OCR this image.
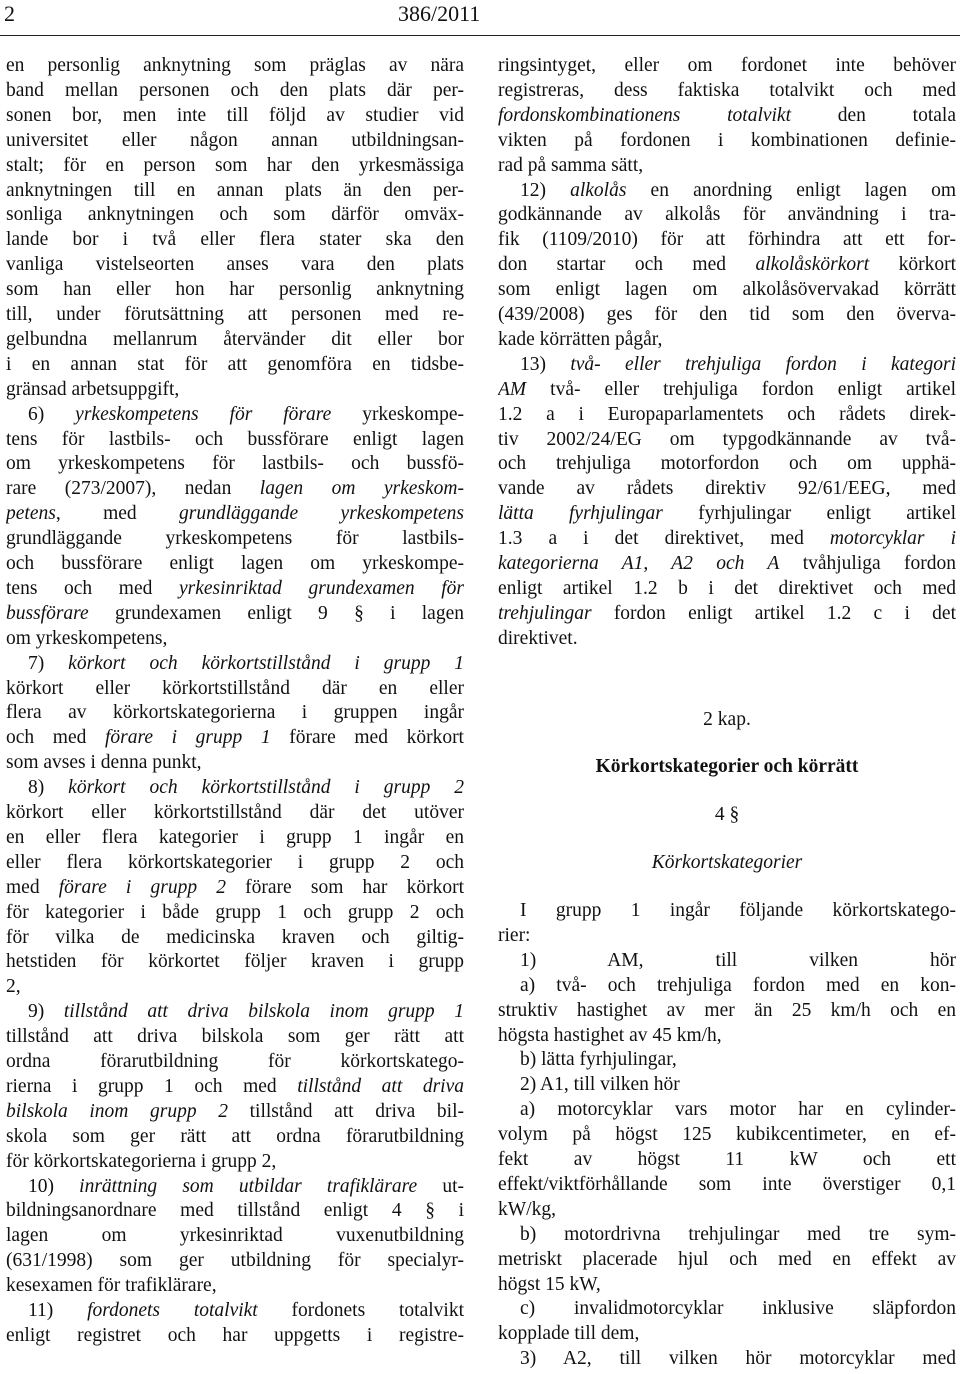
2	386/2011
en personlig anknytning som präglas av nära
band mellan personen och den plats där per-
sonen bor, men inte till följd av studier vid
universitet eller någon annan utbildningsan-
stalt; för en person som har den yrkesmässiga
anknytningen till en annan plats än den per-
sonliga anknytningen och som därför omväx-
lande bor i två eller flera stater ska den
vanliga vistelseorten anses vara den plats
som han eller hon har personlig anknytning
till, under förutsättning att personen med re-
gelbundna mellanrum återvänder dit eller bor
i en annan stat för att genomföra en tidsbe-
gränsad arbetsuppgift,
6) yrkeskompetens för förare yrkeskompe-
tens för lastbils- och bussförare enligt lagen
om yrkeskompetens för lastbils- och bussfö-
rare (273/2007), nedan lagen om yrkeskom-
petens, med grundläggande yrkeskompetens
grundläggande yrkeskompetens för lastbils-
och bussförare enligt lagen om yrkeskompe-
tens och med yrkesinriktad grundexamen för
bussförare grundexamen enligt 9 § i lagen
om yrkeskompetens,
7) körkort och körkortstillstånd i grupp 1
körkort eller körkortstillstånd där en eller
flera av körkortskategorierna i gruppen ingår
och med förare i grupp 1 förare med körkort
som avses i denna punkt,
8) körkort och körkortstillstånd i grupp 2
körkort eller körkortstillstånd där det utöver
en eller flera kategorier i grupp 1 ingår en
eller flera körkortskategorier i grupp 2 och
med förare i grupp 2 förare som har körkort
för kategorier i både grupp 1 och grupp 2 och
för vilka de medicinska kraven och giltig-
hetstiden för körkortet följer kraven i grupp
2,
9) tillstånd att driva bilskola inom grupp 1
tillstånd att driva bilskola som ger rätt att
ordna förarutbildning för körkortskatego-
rierna i grupp 1 och med tillstånd att driva
bilskola inom grupp 2 tillstånd att driva bil-
skola som ger rätt att ordna förarutbildning
för körkortskategorierna i grupp 2,
10) inrättning som utbildar trafiklärare ut-
bildningsanordnare med tillstånd enligt 4 § i
lagen om yrkesinriktad vuxenutbildning
(631/1998) som ger utbildning för specialyr-
kesexamen för trafiklärare,
11) fordonets totalvikt fordonets totalvikt
enligt registret och har uppgetts i registre-
ringsintyget, eller om fordonet inte behöver
registreras, dess faktiska totalvikt och med
fordonskombinationens totalvikt den totala
vikten på fordonen i kombinationen definie-
rad på samma sätt,
12) alkolås en anordning enligt lagen om
godkännande av alkolås för användning i tra-
fik (1109/2010) för att förhindra att ett for-
don startar och med alkolåskörkort körkort
som enligt lagen om alkolåsövervakad körrätt
(439/2008) ges för den tid som den överva-
kade körrätten pågår,
13) två- eller trehjuliga fordon i kategori
AM två- eller trehjuliga fordon enligt artikel
1.2 a i Europaparlamentets och rådets direk-
tiv 2002/24/EG om typgodkännande av två-
och trehjuliga motorfordon och om upphä-
vande av rådets direktiv 92/61/EEG, med
lätta fyrhjulingar fyrhjulingar enligt artikel
1.3 a i det direktivet, med motorcyklar i
kategorierna A1, A2 och A tvåhjuliga fordon
enligt artikel 1.2 b i det direktivet och med
trehjulingar fordon enligt artikel 1.2 c i det
direktivet.
2 kap.
Körkortskategorier och körrätt
4 §
Körkortskategorier
I grupp 1 ingår följande körkortskatego-
rier:
1) AM, till vilken hör
a) två- och trehjuliga fordon med en kon-
struktiv hastighet av mer än 25 km/h och en
högsta hastighet av 45 km/h,
b) lätta fyrhjulingar,
2) A1, till vilken hör
a) motorcyklar vars motor har en cylinder-
volym på högst 125 kubikcentimeter, en ef-
fekt av högst 11 kW och ett
effekt/viktförhållande som inte överstiger 0,1
kW/kg,
b) motordrivna trehjulingar med tre sym-
metriskt placerade hjul och med en effekt av
högst 15 kW,
c) invalidmotorcyklar inklusive släpfordon
kopplade till dem,
3) A2, till vilken hör motorcyklar med
